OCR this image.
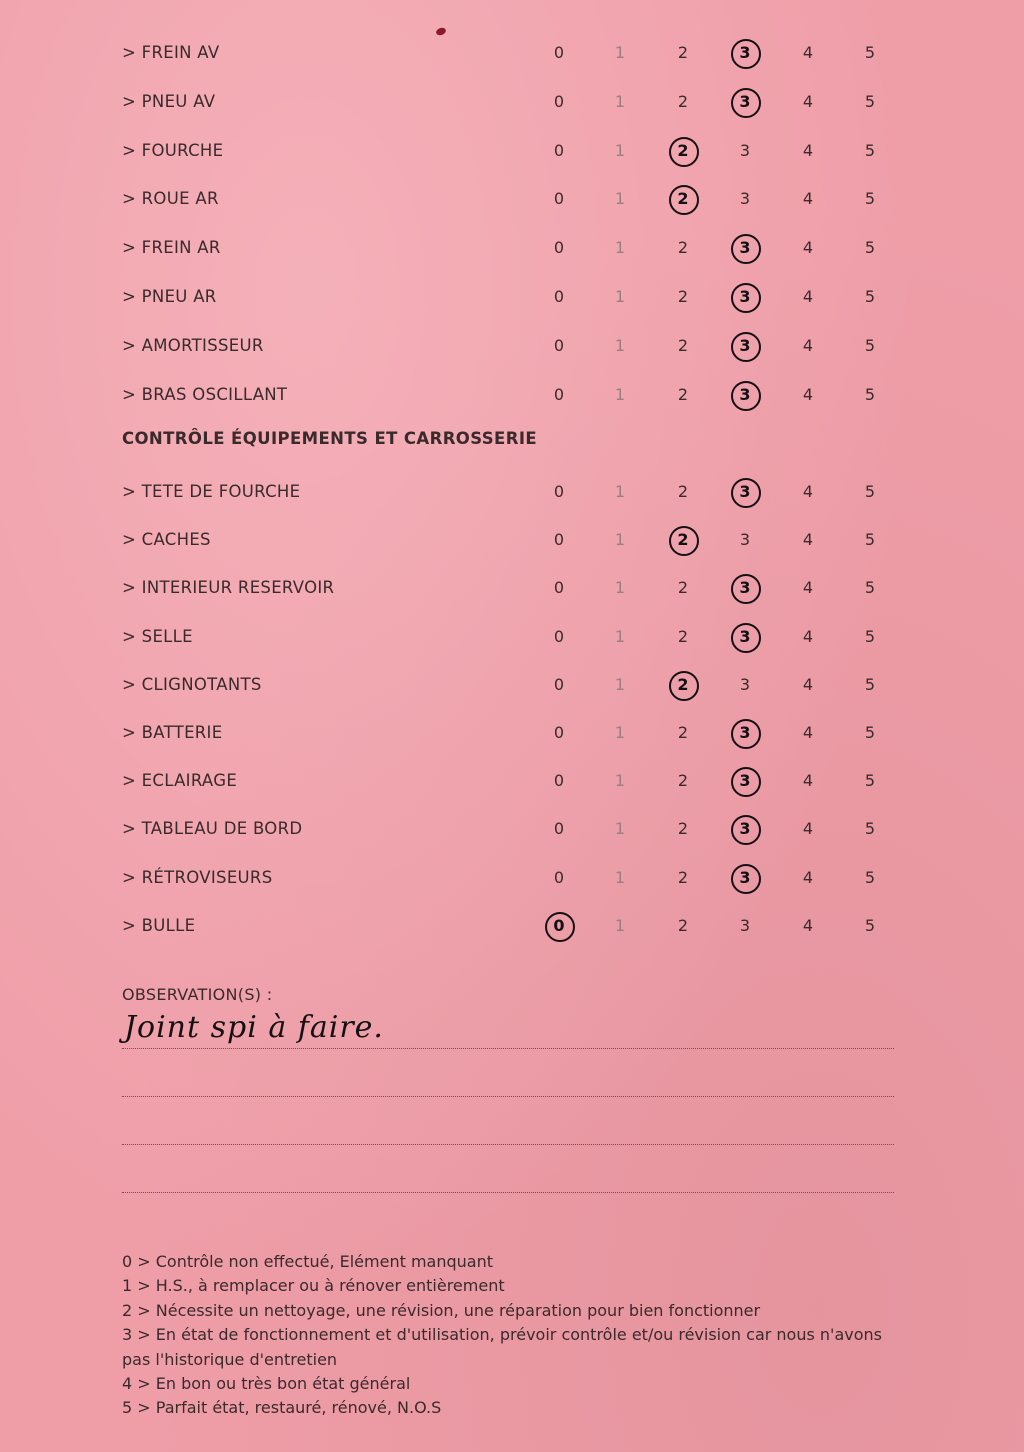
> FREIN AV	0	1	2	3	4	5
> PNEU AV	0	1	2	3	4	5
> FOURCHE	0	1	2	3	4	5
> ROUE AR	0	1	2	3	4	5
> FREIN AR	0	1	2	3	4	5
> PNEU AR	0	1	2	3	4	5
> AMORTISSEUR	0	1	2	3	4	5
> BRAS OSCILLANT	0	1	2	3	4	5
CONTRÔLE ÉQUIPEMENTS ET CARROSSERIE
> TETE DE FOURCHE	0	1	2	3	4	5
> CACHES	0	1	2	3	4	5
> INTERIEUR RESERVOIR	0	1	2	3	4	5
> SELLE	0	1	2	3	4	5
> CLIGNOTANTS	0	1	2	3	4	5
> BATTERIE	0	1	2	3	4	5
> ECLAIRAGE	0	1	2	3	4	5
> TABLEAU DE BORD	0	1	2	3	4	5
> RÉTROVISEURS	0	1	2	3	4	5
> BULLE	0	1	2	3	4	5
OBSERVATION(S) :
Joint spi à faire.
0 > Contrôle non effectué, Elément manquant
1 > H.S., à remplacer ou à rénover entièrement
2 > Nécessite un nettoyage, une révision, une réparation pour bien fonctionner
3 > En état de fonctionnement et d'utilisation, prévoir contrôle et/ou révision car nous n'avons pas l'historique d'entretien
4 > En bon ou très bon état général
5 > Parfait état, restauré, rénové, N.O.S
